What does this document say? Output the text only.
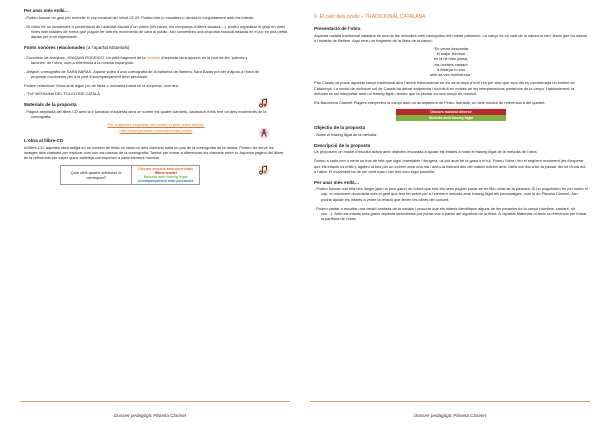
Per anar més enllà…
- Podeu buscar un gest per embellir el cop musical del minut 02.29. Podeu triar-lo vosaltres o decidir-lo conjuntament amb els infants.
- Si voleu fer un tancament o presentació de l’activitat davant d’un públic (els pares, els companys d’altres classes…), podeu organitzar el grup en dues línies intercalades de forma que puguin fer tots els moviments de cara al públic. Així convertireu una proposta musical basada en el joc en una petita dansa per a un espectacle.
Fonts sonores relacionades (a l’apartat Materials)
- Concierto de Aranjuez, JOAQUIN RODRIGO. Un petit fragment de la melodia d’aquesta obra apareix en la part de les “palmes y tacones” de l’obra, com a referència a la música espanyola.
- Alegria, coreografia de SARA BARAS. Aquest vídeo d’una coreografia de la ballarina de flamenc Sara Baras pot ser d’ajuda a l’hora de proposar moviments per a la part d’acompanyament amb percussió.
Podem relacionar l’obra amb algun joc de falda o moixaina basat en la sorpresa, com ara:
- “Tot” MOIXAINA DEL FOLKLORE CATALÀ
Materials de la proposta
- Pàgina ampliada del llibre-CD amb la il·lustració d’aquesta obra on surten els quatre clarinets, cadascun d’ells fent un dels moviments de la coreografia.
Per a aquesta proposta, heu creat un petit vídeo tutorial.
http://www.youtube.com/ca/tutorials-online
L’obra al llibre-CD
Al llibre-CD, aquesta obra antiga en un context de festa on cada un dels clarinets balla un pas de la coreografia de la dansa. Podem fer servir les imatges dels clarinets per explicar com són els passos de la coreografia. També per tornar a diferenciar els clarinets entre si. Aquesta pàgina del llibret és la referència per saber quins balleteja corresponen a cada element musical.
Quin dels quatre adhesius hi correspon?	
Discurs musical amb diversitats
Ritme ternari
Melodia amb fraseig lligat
Acompanyament amb percussió
Dossier pedagògic Planeta Clarinet
9. El cant dels ocells – TRADICIONAL CATALANA
Presentació de l’obra
Aquesta nadala tradicional catalana és una de les melodies més conegudes del nostre patrimoni. La cançó és un cant de la natura al nen Jesús que ha nascut a l’estable de Betlem. Aquí teniu un fragment de la lletra de la cançó:
“En veure despuntar
el major lluminar
en la nit més joiosa,
els ocellets cantant
a festejar-lo van
amb sa veu melindrosa.”
Pau Casals va posar aquesta cançó tradicional dins l’àmbit internacional en els seus anys d’exili i és per això que avui dia es considerada un símbol de Catalunya. La versió de violoncel sol de Casals ha deixat empremta i ha influït en moltes de les interpretacions posteriors de la cançó. Habitualment, la melodia es sol interpretar amb un fraseig lligat i tendre que fa pensar en una cançó de bressol.
Els Barcelona Clarinet Players interpreten la cançó amb un arranjament de Pedro Iturralde, un dels músics de referència a del quartet.
Discurs musical diverse
Melodia amb fraseig lligat
Objectiu de la proposta
- Notar el fraseig lligat de la melodia.
Descripció de la proposta
Us proposem un model d’escolta activa amb objectes encarada a ajudar els infants a notar el fraseig lligat de la melodia de l’obra.
Doneu a cada nen o nena un tros de tela que siguí manejable i lleugera, us pot anar bé la gasa o el tul. Poseu l’obra i feu el següent moviment (és d’esperar que els infants us imitin): agafeu la tela per un extrem amb una mà i aneu-la estirant des del mateix extrem amb l’altra mà fins a fer-la passar del tot d’una mà a l’altra. El moviment ha de ser molt suau i tan lent com sigui possible.
Per anar més enllà…
- Podeu buscar una tela ben llarga (que no pesi gaire) de forma que tots els nens puguin posar-se en fila i anar-se-la passant. Si ho poguéssim fer per sobre el cap, el moviment recordaria més el gest que fem fet servir per a l’element melodia amb fraseig lligat als personatges, com la de Planeta Clarinet. Així podria ajudar els infants a veure la relació que tenen les obres del concert.
- Podeu cantar o escoltar una versió cantada de la nadala i procurar que els infants identifiquin alguns de les paraules de la cançó (ocellets, cantant, nit, veu…). Amb els infants més grans aquesta descoberta pot portar-vos a parlar del significat de la lletra. A l’apartat Materials hi teniu la referència per trobar la partitura de l’obra.
Dossier pedagògic Planeta Clarinet
